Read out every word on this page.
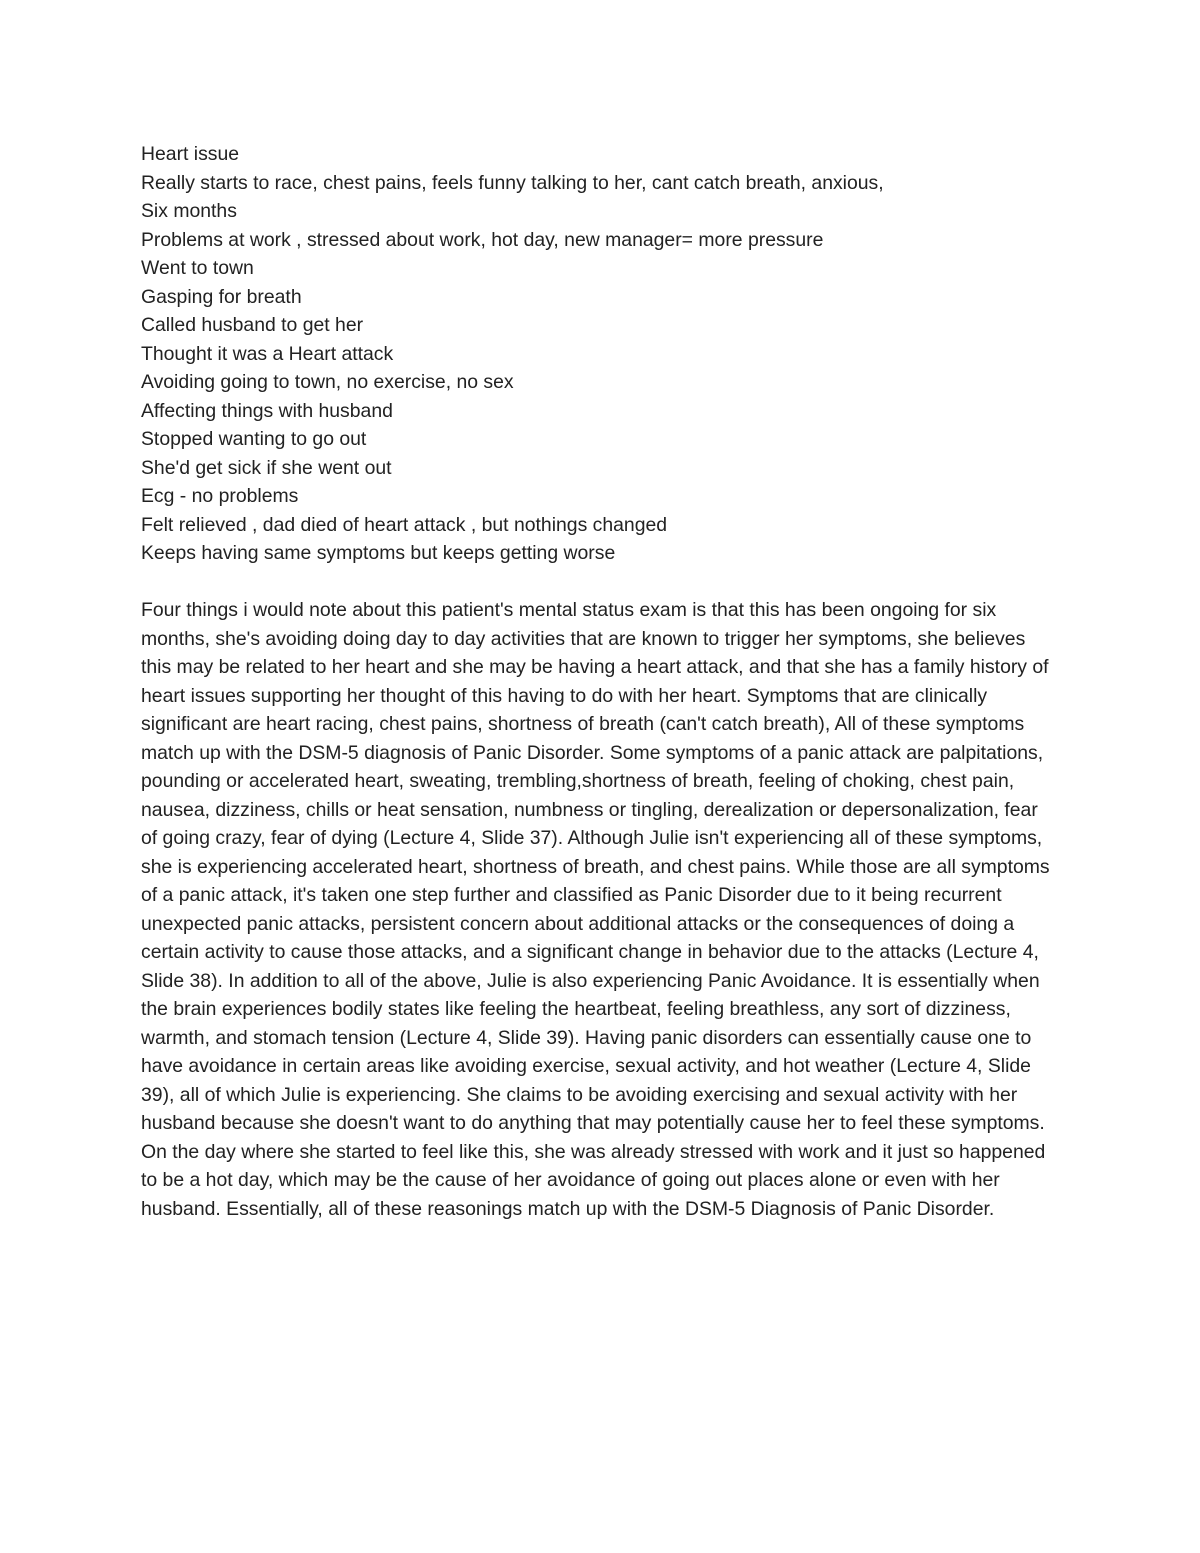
Heart issue
Really starts to race, chest pains, feels funny talking to her, cant catch breath, anxious,
Six months
Problems at work , stressed about work, hot day, new manager= more pressure
Went to town
Gasping for breath
Called husband to get her
Thought it was a Heart attack
Avoiding going to town, no exercise, no sex
Affecting things with husband
Stopped wanting to go out
She'd get sick if she went out
Ecg - no problems
Felt relieved , dad died of heart attack , but nothings changed
Keeps having same symptoms but keeps getting worse

Four things i would note about this patient's mental status exam is that this has been ongoing for six months, she's avoiding doing day to day activities that are known to trigger her symptoms, she believes this may be related to her heart and she may be having a heart attack, and that she has a family history of heart issues supporting her thought of this having to do with her heart. Symptoms that are clinically significant are heart racing, chest pains, shortness of breath (can't catch breath), All of these symptoms match up with the DSM-5 diagnosis of Panic Disorder. Some symptoms of a panic attack are palpitations, pounding or accelerated heart, sweating, trembling,shortness of breath, feeling of choking, chest pain, nausea, dizziness, chills or heat sensation, numbness or tingling, derealization or depersonalization, fear of going crazy, fear of dying (Lecture 4, Slide 37). Although Julie isn't experiencing all of these symptoms, she is experiencing accelerated heart, shortness of breath, and chest pains. While those are all symptoms of a panic attack, it's taken one step further and classified as Panic Disorder due to it being recurrent unexpected panic attacks, persistent concern about additional attacks or the consequences of doing a certain activity to cause those attacks, and a significant change in behavior due to the attacks (Lecture 4, Slide 38). In addition to all of the above, Julie is also experiencing Panic Avoidance. It is essentially when the brain experiences bodily states like feeling the heartbeat, feeling breathless, any sort of dizziness, warmth, and stomach tension (Lecture 4, Slide 39). Having panic disorders can essentially cause one to have avoidance in certain areas like avoiding exercise, sexual activity, and hot weather (Lecture 4, Slide 39), all of which Julie is experiencing. She claims to be avoiding exercising and sexual activity with her husband because she doesn't want to do anything that may potentially cause her to feel these symptoms. On the day where she started to feel like this, she was already stressed with work and it just so happened to be a hot day, which may be the cause of her avoidance of going out places alone or even with her husband. Essentially, all of these reasonings match up with the DSM-5 Diagnosis of Panic Disorder.
